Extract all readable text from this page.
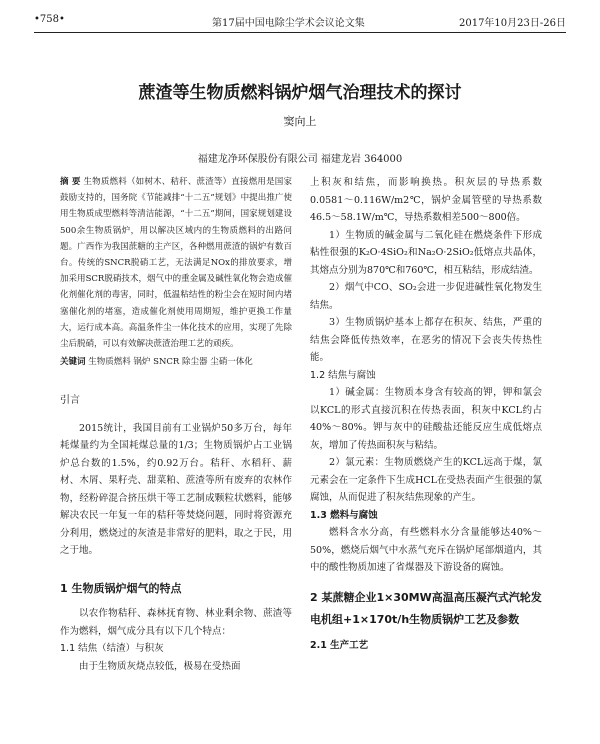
•758•	第17届中国电除尘学术会议论文集	2017年10月23日-26日
蔗渣等生物质燃料锅炉烟气治理技术的探讨
窦向上
福建龙净环保股份有限公司 福建龙岩 364000

摘 要 生物质燃料（如树木、秸秆、蔗渣等）直接燃用是国家鼓励支持的，国务院《节能减排“十二五”规划》中提出推广使用生物质成型燃料等清洁能源，“十二五”期间，国家规划建设500余生物质锅炉，用以解决区域内的生物质燃料的出路问题。广西作为我国蔗糖的主产区，各种燃用蔗渣的锅炉有数百台。传统的SNCR脱硝工艺，无法满足NOx的排放要求，增加采用SCR脱硝技术，烟气中的重金属及碱性氧化物会造成催化剂催化剂的毒害，同时，低温粘结性的粉尘会在短时间内堵塞催化剂的堵塞，造成催化剂使用周期短，维护更换工作量大，运行成本高。高温条件尘一体化技术的应用，实现了先除尘后脱硝，可以有效解决蔗渣治理工艺的顽疾。

关键词 生物质燃料 锅炉 SNCR 除尘器 尘硝一体化

引言

2015统计，我国目前有工业锅炉50多万台，每年耗煤量约为全国耗煤总量的1/3；生物质锅炉占工业锅炉总台数的1.5%，约0.92万台。秸秆、水稻秆、薪材、木屑、果籽壳、甜菜粕、蔗渣等所有废弃的农林作物，经粉碎混合挤压烘干等工艺制成颗粒状燃料，能够解决农民一年复一年的秸秆等焚烧问题，同时将资源充分利用，燃烧过的灰渣是非常好的肥料，取之于民，用之于地。

1 生物质锅炉烟气的特点

以农作物秸秆、森林抚育物、林业剩余物、蔗渣等作为燃料，烟气成分具有以下几个特点：

1.1 结焦（结渣）与积灰

由于生物质灰烧点较低，极易在受热面

上积灰和结焦，而影响换热。积灰层的导热系数0.0581～0.116W/m2℃，锅炉金属管壁的导热系数46.5～58.1W/m℃，导热系数相差500～800倍。

1）生物质的碱金属与二氧化硅在燃烧条件下形成粘性很强的K₂O·4SiO₂和Na₂O·2SiO₂低熔点共晶体，其熔点分别为870℃和760℃，相互粘结，形成结渣。

2）烟气中CO、SO₂会进一步促进碱性氧化物发生结焦。

3）生物质锅炉基本上都存在积灰、结焦，严重的结焦会降低传热效率，在恶劣的情况下会丧失传热性能。

1.2 结焦与腐蚀

1）碱金属：生物质本身含有较高的钾，钾和氯会以KCL的形式直接沉积在传热表面，积灰中KCL约占40%～80%。钾与灰中的硅酸盐还能反应生成低熔点灰，增加了传热面积灰与粘结。

2）氯元素：生物质燃烧产生的KCL远高于煤，氯元素会在一定条件下生成HCL在受热表面产生很强的氯腐蚀，从而促进了积灰结焦现象的产生。

1.3 燃料与腐蚀

燃料含水分高，有些燃料水分含量能够达40%～50%，燃烧后烟气中水蒸气充斥在锅炉尾部烟道内，其中的酸性物质加速了省煤器及下游设备的腐蚀。

2 某蔗糖企业1×30MW高温高压凝汽式汽轮发电机组+1×170t/h生物质锅炉工艺及参数
2.1 生产工艺
